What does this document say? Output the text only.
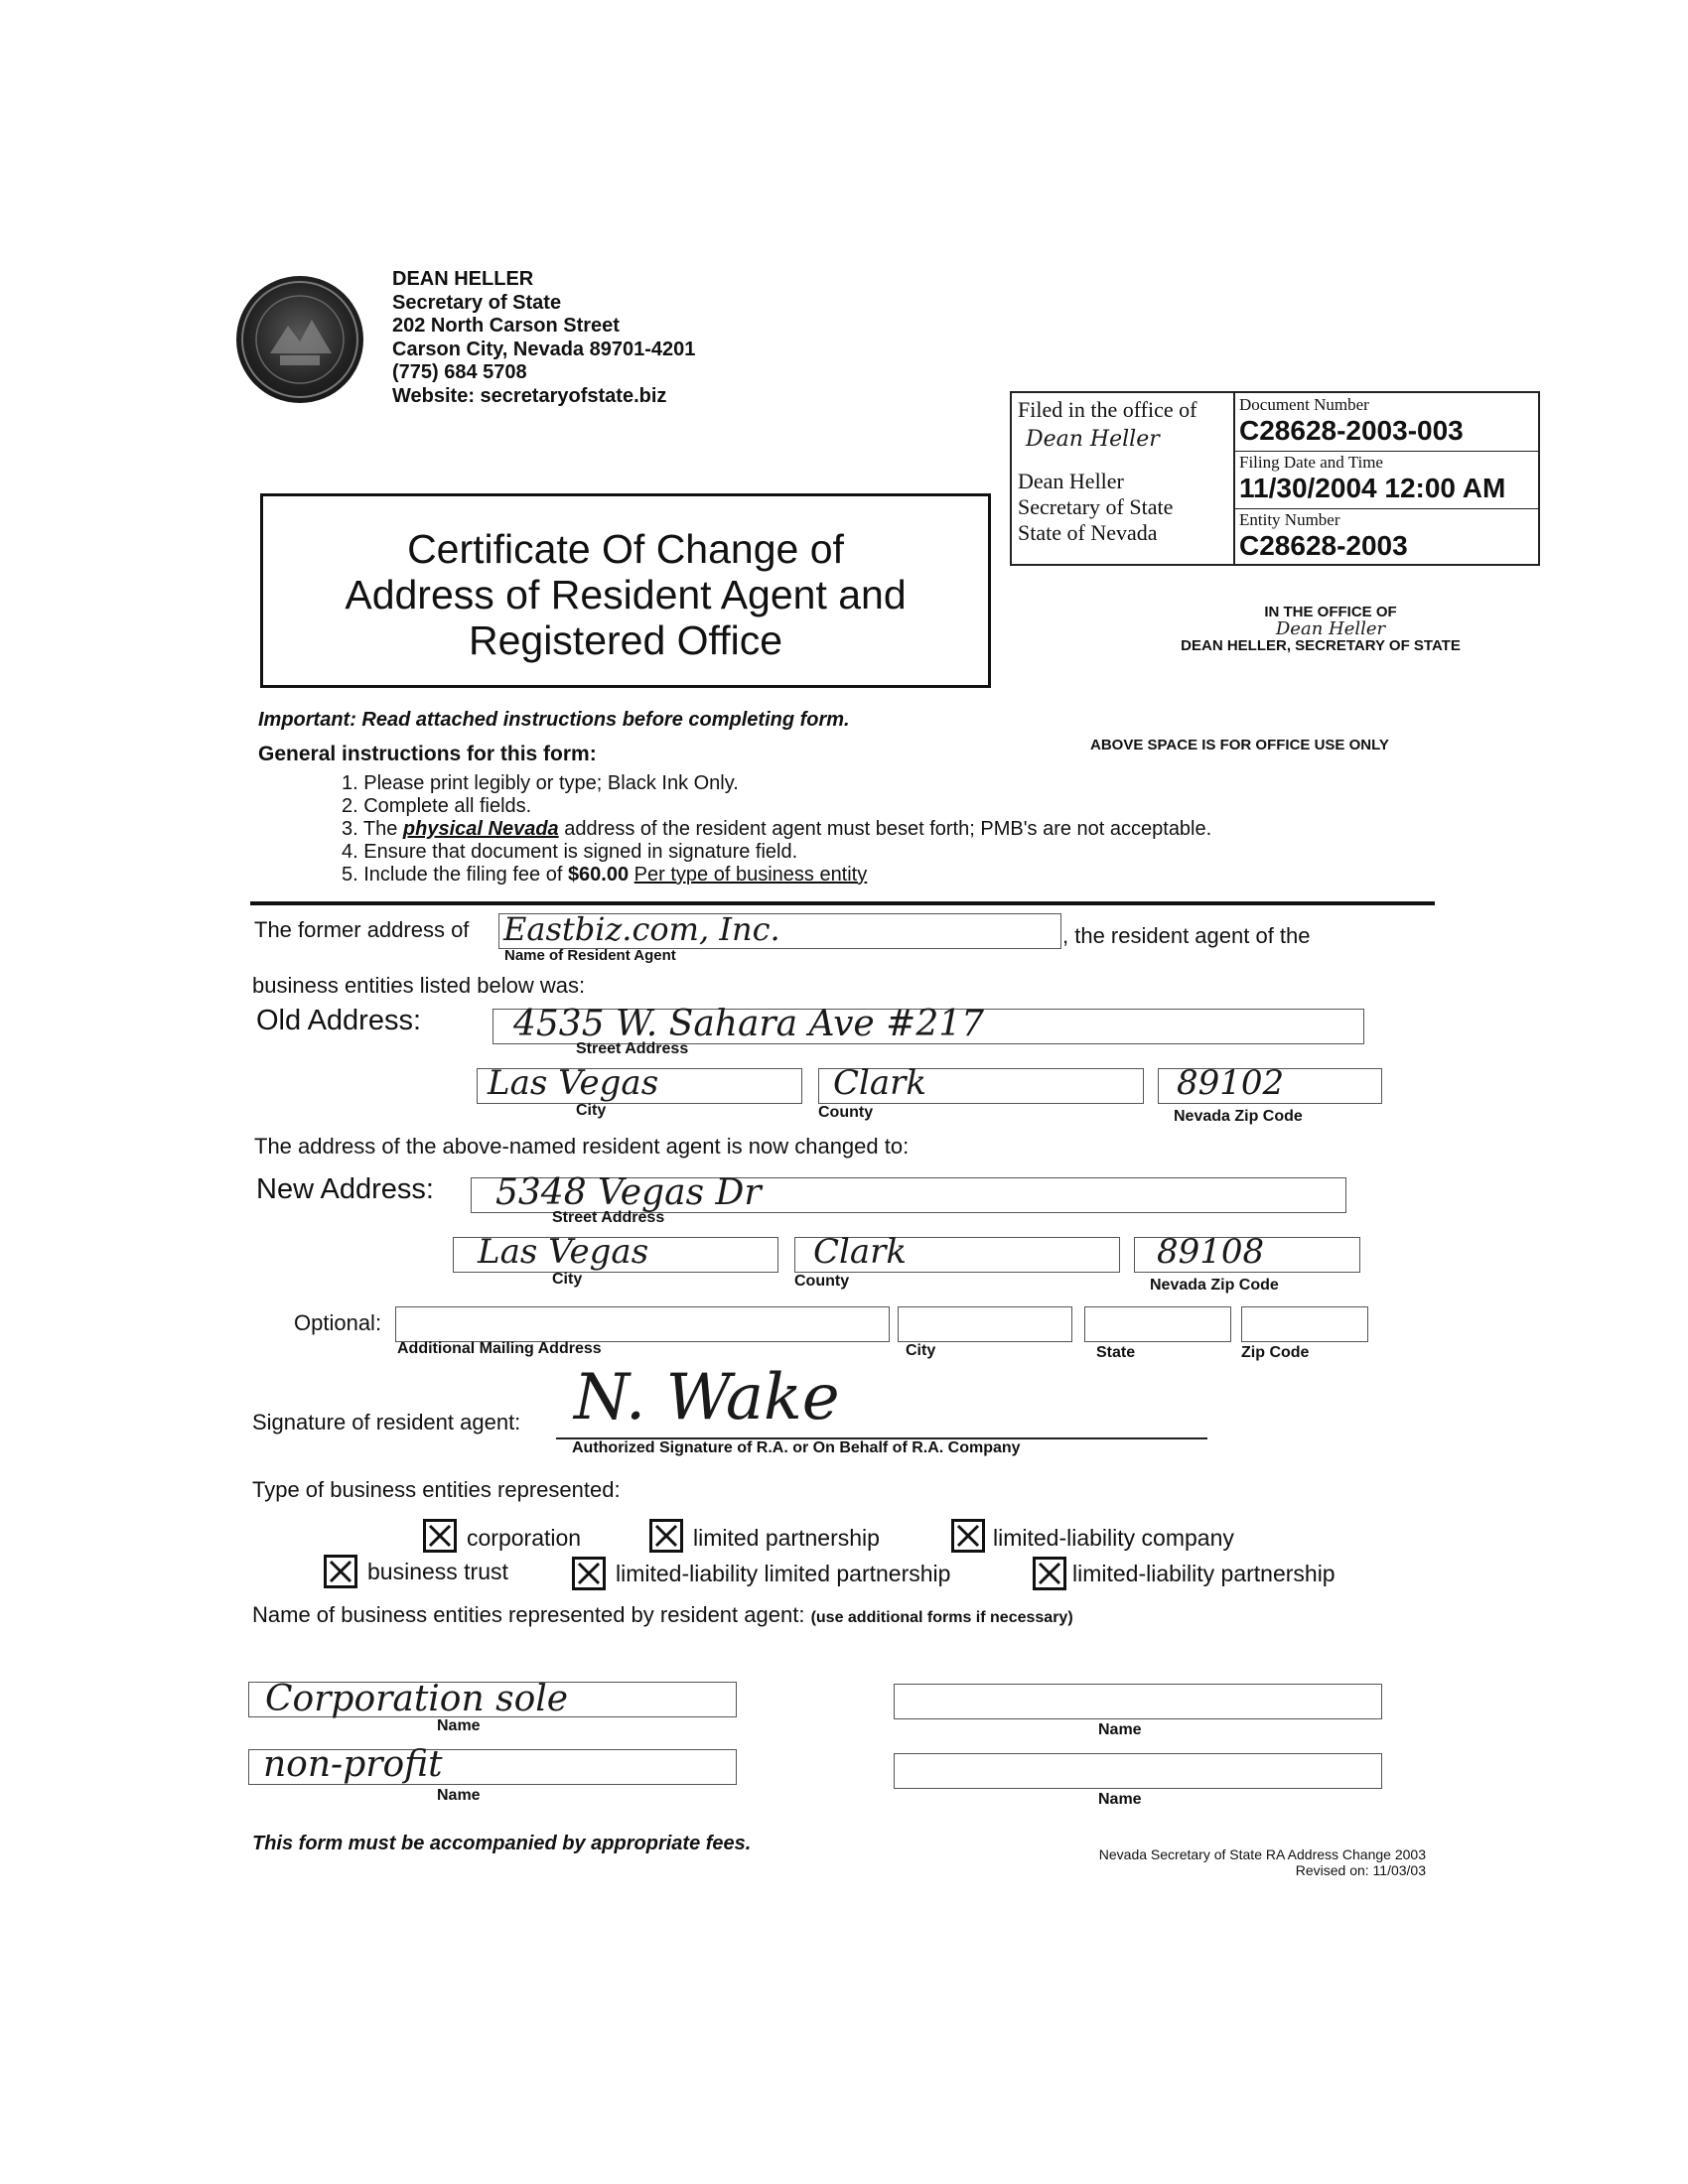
DEAN HELLER
Secretary of State
202 North Carson Street
Carson City, Nevada 89701-4201
(775) 684 5708
Website: secretaryofstate.biz
Filed in the office of
Dean Heller
Dean Heller
Secretary of State
State of Nevada
Document Number
C28628-2003-003
Filing Date and Time
11/30/2004 12:00 AM
Entity Number
C28628-2003
IN THE OFFICE OF
Dean Heller
DEAN HELLER, SECRETARY OF STATE
Certificate Of Change of
Address of Resident Agent and
Registered Office
ABOVE SPACE IS FOR OFFICE USE ONLY
Important: Read attached instructions before completing form.
General instructions for this form:
1. Please print legibly or type; Black Ink Only.
2. Complete all fields.
3. The physical Nevada address of the resident agent must beset forth; PMB's are not acceptable.
4. Ensure that document is signed in signature field.
5. Include the filing fee of $60.00 Per type of business entity
The former address of Eastbiz.com, Inc.
Name of Resident Agent
, the resident agent of the
business entities listed below was:
Old Address:	4535 W. Sahara Ave #217
Street Address
Las Vegas
City
Clark
County
89102
Nevada Zip Code
The address of the above-named resident agent is now changed to:
New Address: 5348 Vegas Dr
Street Address
Las Vegas
City
Clark
County
89108
Nevada Zip Code
Optional:
Additional Mailing Address	City	State	Zip Code
Signature of resident agent: N. Wake
Authorized Signature of R.A. or On Behalf of R.A. Company
Type of business entities represented:
corporation	limited partnership	limited-liability company
business trust	limited-liability limited partnership	limited-liability partnership
Name of business entities represented by resident agent: (use additional forms if necessary)
Corporation sole
Name
non-profit
Name
Name
Name
This form must be accompanied by appropriate fees.	Nevada Secretary of State RA Address Change 2003
Revised on: 11/03/03
